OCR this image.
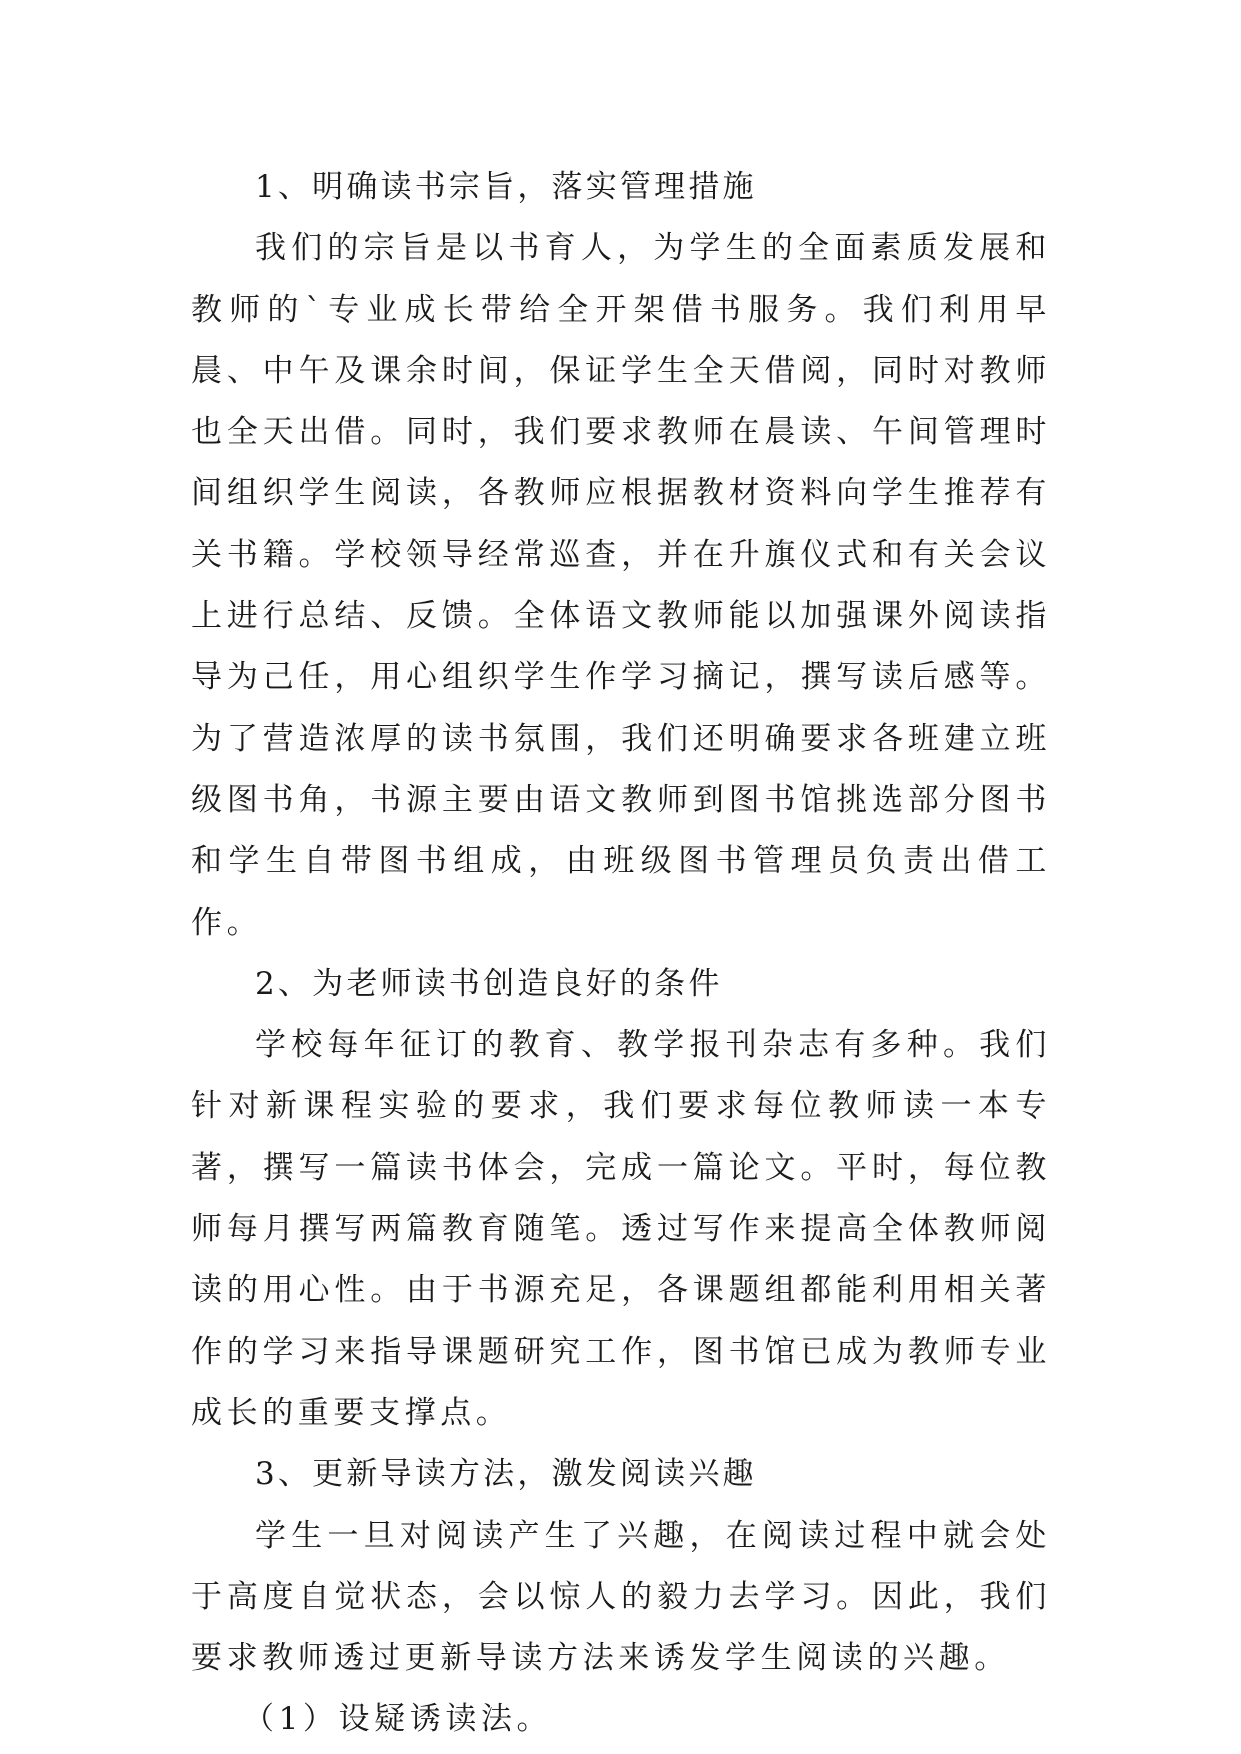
1、明确读书宗旨，落实管理措施

我们的宗旨是以书育人，为学生的全面素质发展和教师的`专业成长带给全开架借书服务。我们利用早晨、中午及课余时间，保证学生全天借阅，同时对教师也全天出借。同时，我们要求教师在晨读、午间管理时间组织学生阅读，各教师应根据教材资料向学生推荐有关书籍。学校领导经常巡查，并在升旗仪式和有关会议上进行总结、反馈。全体语文教师能以加强课外阅读指导为己任，用心组织学生作学习摘记，撰写读后感等。为了营造浓厚的读书氛围，我们还明确要求各班建立班级图书角，书源主要由语文教师到图书馆挑选部分图书和学生自带图书组成，由班级图书管理员负责出借工作。

2、为老师读书创造良好的条件

学校每年征订的教育、教学报刊杂志有多种。我们针对新课程实验的要求，我们要求每位教师读一本专著，撰写一篇读书体会，完成一篇论文。平时，每位教师每月撰写两篇教育随笔。透过写作来提高全体教师阅读的用心性。由于书源充足，各课题组都能利用相关著作的学习来指导课题研究工作，图书馆已成为教师专业成长的重要支撑点。

3、更新导读方法，激发阅读兴趣

学生一旦对阅读产生了兴趣，在阅读过程中就会处于高度自觉状态，会以惊人的毅力去学习。因此，我们要求教师透过更新导读方法来诱发学生阅读的兴趣。

（1）设疑诱读法。
